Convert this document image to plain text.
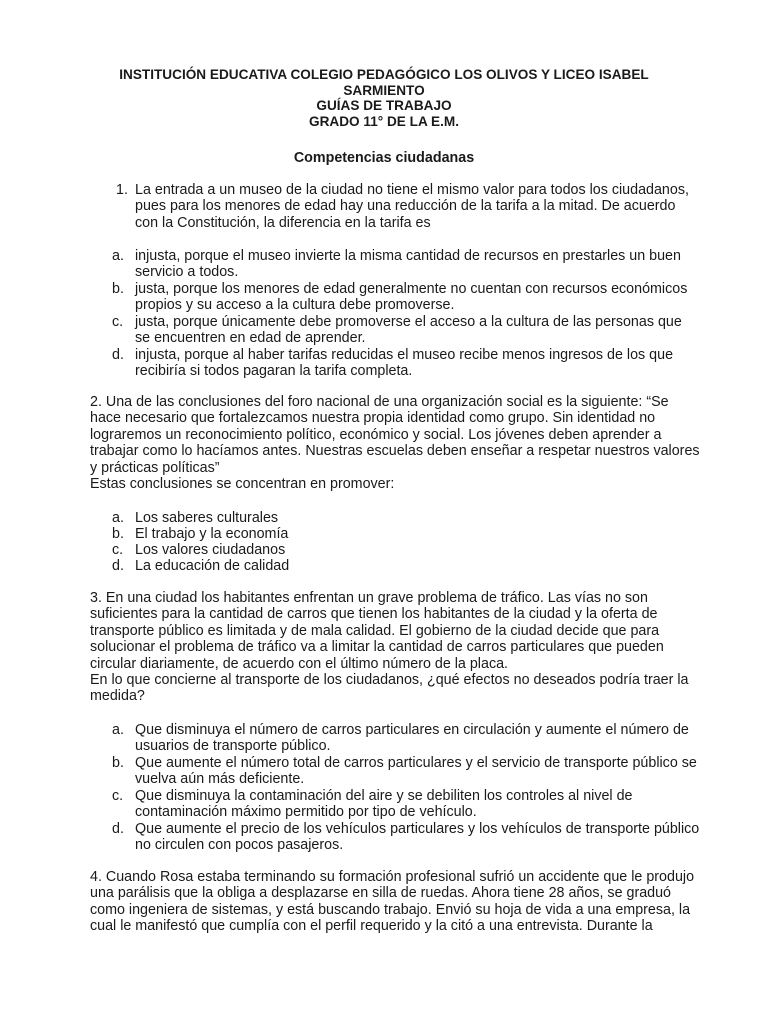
INSTITUCIÓN EDUCATIVA COLEGIO PEDAGÓGICO LOS OLIVOS Y LICEO ISABEL
SARMIENTO
GUÍAS DE TRABAJO
GRADO 11° DE LA E.M.
Competencias ciudadanas
1. La entrada a un museo de la ciudad no tiene el mismo valor para todos los ciudadanos,
pues para los menores de edad hay una reducción de la tarifa a la mitad. De acuerdo
con la Constitución, la diferencia en la tarifa es
a. injusta, porque el museo invierte la misma cantidad de recursos en prestarles un buen
servicio a todos.
b. justa, porque los menores de edad generalmente no cuentan con recursos económicos
propios y su acceso a la cultura debe promoverse.
c. justa, porque únicamente debe promoverse el acceso a la cultura de las personas que
se encuentren en edad de aprender.
d. injusta, porque al haber tarifas reducidas el museo recibe menos ingresos de los que
recibiría si todos pagaran la tarifa completa.
2. Una de las conclusiones del foro nacional de una organización social es la siguiente: “Se
hace necesario que fortalezcamos nuestra propia identidad como grupo. Sin identidad no
lograremos un reconocimiento político, económico y social. Los jóvenes deben aprender a
trabajar como lo hacíamos antes. Nuestras escuelas deben enseñar a respetar nuestros valores
y prácticas políticas”
Estas conclusiones se concentran en promover:
a. Los saberes culturales
b. El trabajo y la economía
c. Los valores ciudadanos
d. La educación de calidad
3. En una ciudad los habitantes enfrentan un grave problema de tráfico. Las vías no son
suficientes para la cantidad de carros que tienen los habitantes de la ciudad y la oferta de
transporte público es limitada y de mala calidad. El gobierno de la ciudad decide que para
solucionar el problema de tráfico va a limitar la cantidad de carros particulares que pueden
circular diariamente, de acuerdo con el último número de la placa.
En lo que concierne al transporte de los ciudadanos, ¿qué efectos no deseados podría traer la
medida?
a. Que disminuya el número de carros particulares en circulación y aumente el número de
usuarios de transporte público.
b. Que aumente el número total de carros particulares y el servicio de transporte público se
vuelva aún más deficiente.
c. Que disminuya la contaminación del aire y se debiliten los controles al nivel de
contaminación máximo permitido por tipo de vehículo.
d. Que aumente el precio de los vehículos particulares y los vehículos de transporte público
no circulen con pocos pasajeros.
4. Cuando Rosa estaba terminando su formación profesional sufrió un accidente que le produjo
una parálisis que la obliga a desplazarse en silla de ruedas. Ahora tiene 28 años, se graduó
como ingeniera de sistemas, y está buscando trabajo. Envió su hoja de vida a una empresa, la
cual le manifestó que cumplía con el perfil requerido y la citó a una entrevista. Durante la
